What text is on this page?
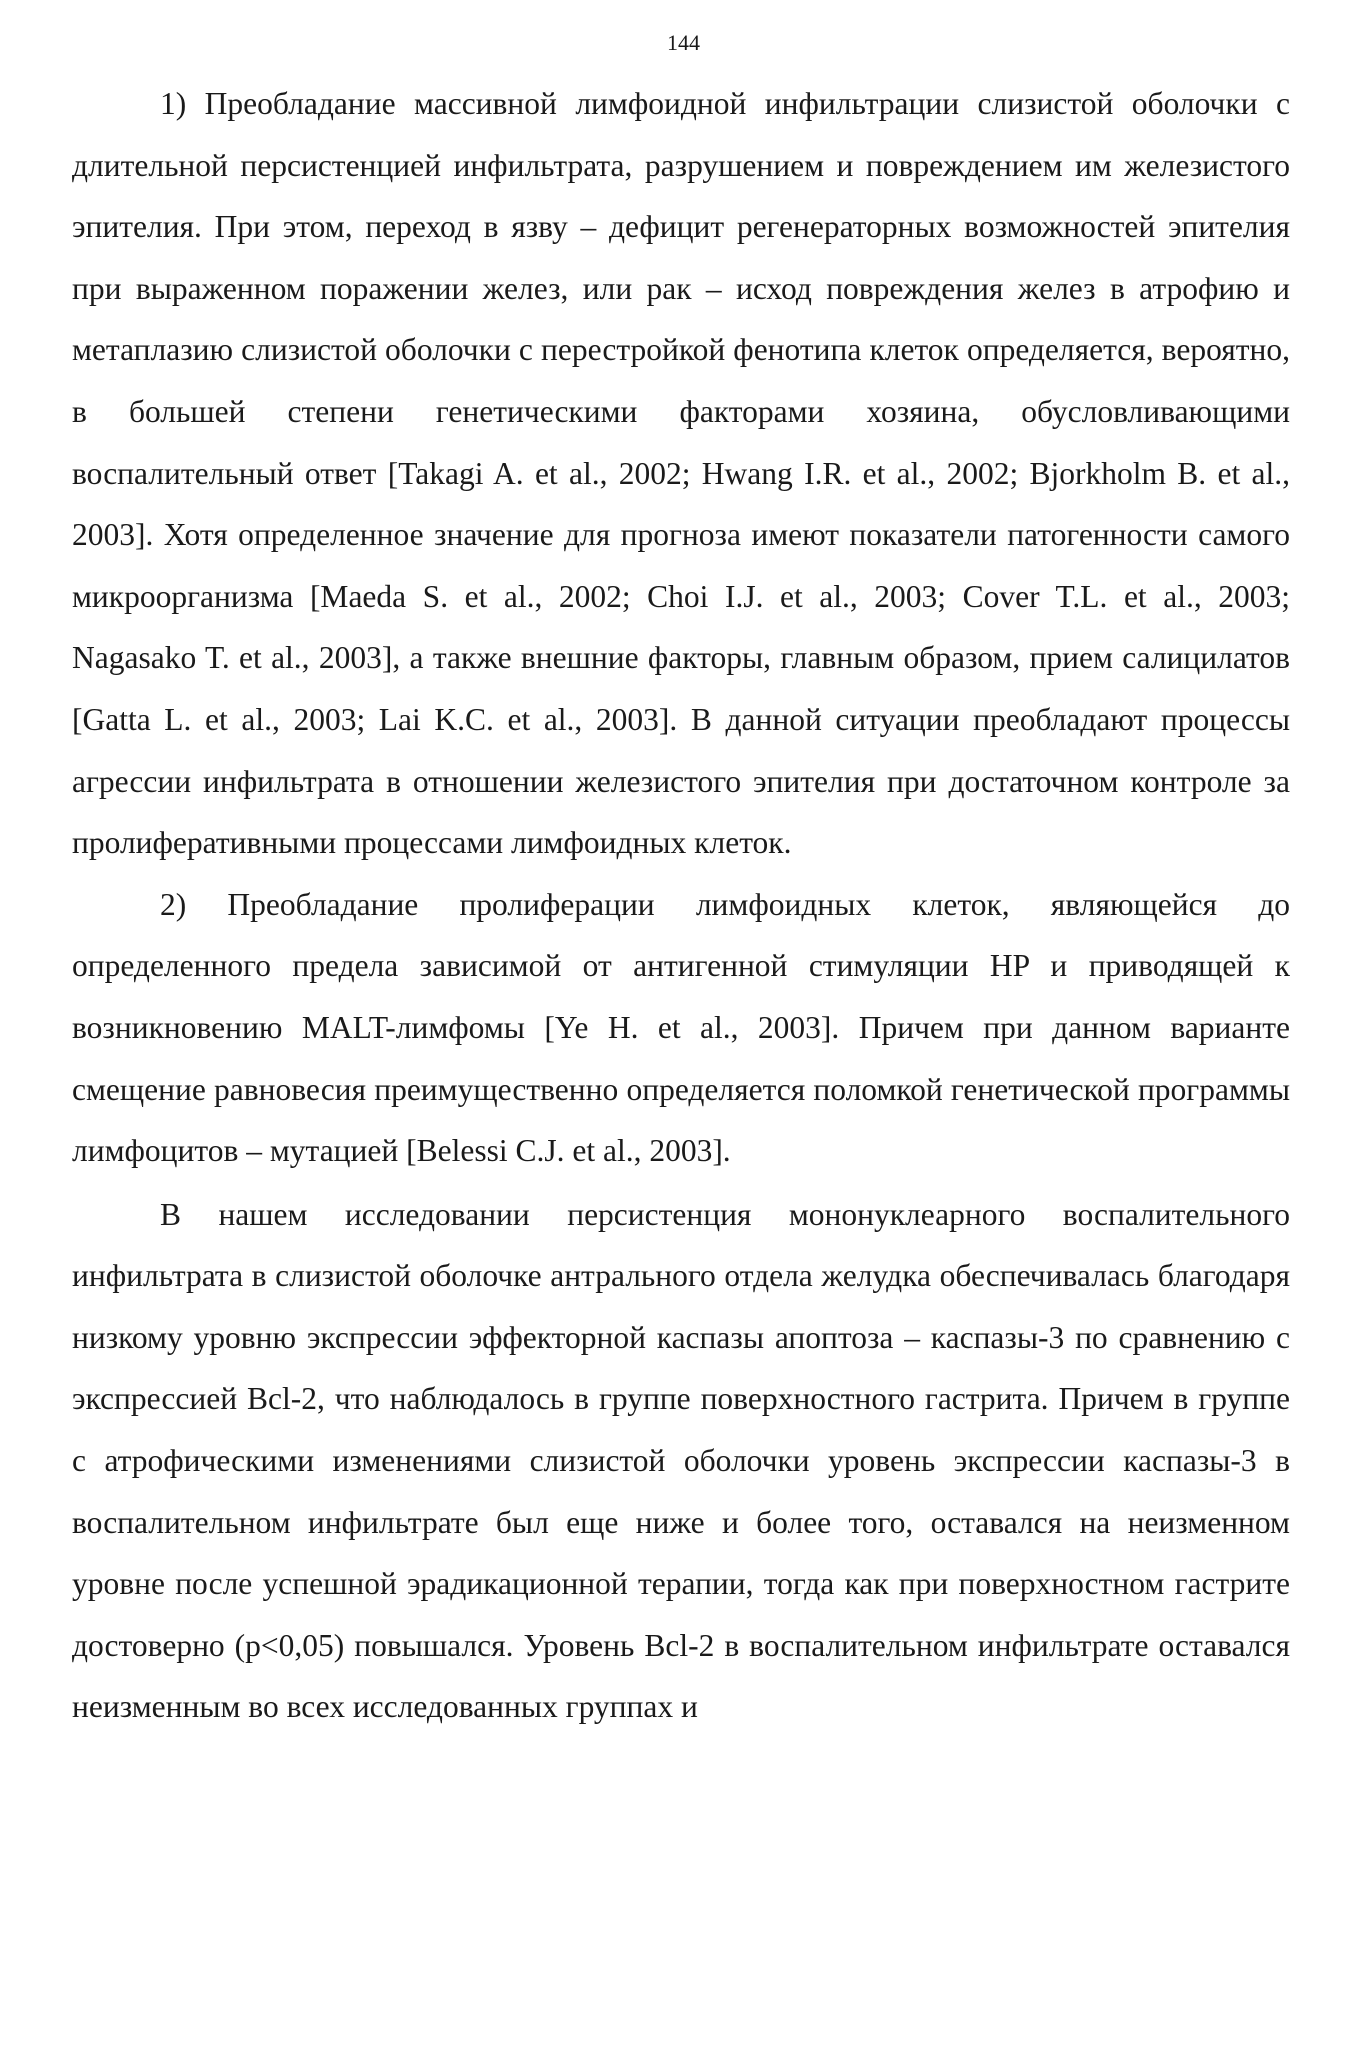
144

1) Преобладание массивной лимфоидной инфильтрации слизистой оболочки с длительной персистенцией инфильтрата, разрушением и повреждением им железистого эпителия. При этом, переход в язву – дефицит регенераторных возможностей эпителия при выраженном поражении желез, или рак – исход повреждения желез в атрофию и метаплазию слизистой оболочки с перестройкой фенотипа клеток определяется, вероятно, в большей степени генетическими факторами хозяина, обусловливающими воспалительный ответ [Takagi A. et al., 2002; Hwang I.R. et al., 2002; Bjorkholm B. et al., 2003]. Хотя определенное значение для прогноза имеют показатели патогенности самого микроорганизма [Maeda S. et al., 2002; Choi I.J. et al., 2003; Cover T.L. et al., 2003; Nagasako T. et al., 2003], а также внешние факторы, главным образом, прием салицилатов [Gatta L. et al., 2003; Lai K.C. et al., 2003]. В данной ситуации преобладают процессы агрессии инфильтрата в отношении железистого эпителия при достаточном контроле за пролиферативными процессами лимфоидных клеток.

2) Преобладание пролиферации лимфоидных клеток, являющейся до определенного предела зависимой от антигенной стимуляции HP и приводящей к возникновению MALT-лимфомы [Ye H. et al., 2003]. Причем при данном варианте смещение равновесия преимущественно определяется поломкой генетической программы лимфоцитов – мутацией [Belessi C.J. et al., 2003].

В нашем исследовании персистенция мононуклеарного воспалительного инфильтрата в слизистой оболочке антрального отдела желудка обеспечивалась благодаря низкому уровню экспрессии эффекторной каспазы апоптоза – каспазы-3 по сравнению с экспрессией Bcl-2, что наблюдалось в группе поверхностного гастрита. Причем в группе с атрофическими изменениями слизистой оболочки уровень экспрессии каспазы-3 в воспалительном инфильтрате был еще ниже и более того, оставался на неизменном уровне после успешной эрадикационной терапии, тогда как при поверхностном гастрите достоверно (p<0,05) повышался. Уровень Bcl-2 в воспалительном инфильтрате оставался неизменным во всех исследованных группах и
